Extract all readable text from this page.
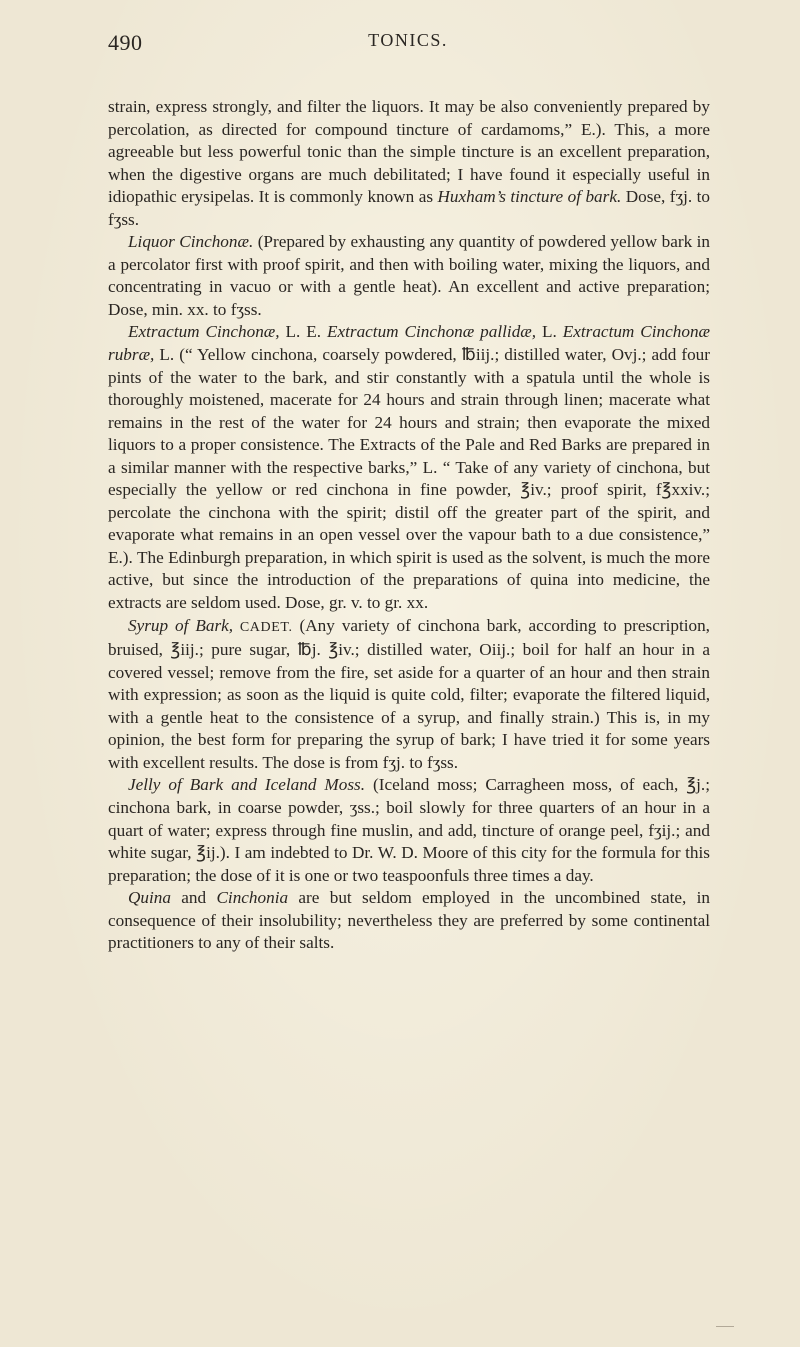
490	TONICS.

strain, express strongly, and filter the liquors. It may be also conveniently prepared by percolation, as directed for compound tincture of cardamoms,” E.). This, a more agreeable but less powerful tonic than the simple tincture is an excellent preparation, when the digestive organs are much debilitated; I have found it especially useful in idiopathic erysipelas. It is commonly known as Huxham’s tincture of bark. Dose, fʒj. to fʒss.

Liquor Cinchonæ. (Prepared by exhausting any quantity of powdered yellow bark in a percolator first with proof spirit, and then with boiling water, mixing the liquors, and concentrating in vacuo or with a gentle heat). An excellent and active preparation; Dose, min. xx. to fʒss.

Extractum Cinchonæ, L. E. Extractum Cinchonæ pallidæ, L. Extractum Cinchonæ rubræ, L. (“ Yellow cinchona, coarsely powdered, ℔iij.; distilled water, Ovj.; add four pints of the water to the bark, and stir constantly with a spatula until the whole is thoroughly moistened, macerate for 24 hours and strain through linen; macerate what remains in the rest of the water for 24 hours and strain; then evaporate the mixed liquors to a proper consistence. The Extracts of the Pale and Red Barks are prepared in a similar manner with the respective barks,” L. “ Take of any variety of cinchona, but especially the yellow or red cinchona in fine powder, ℥iv.; proof spirit, f℥xxiv.; percolate the cinchona with the spirit; distil off the greater part of the spirit, and evaporate what remains in an open vessel over the vapour bath to a due consistence,” E.). The Edinburgh preparation, in which spirit is used as the solvent, is much the more active, but since the introduction of the preparations of quina into medicine, the extracts are seldom used. Dose, gr. v. to gr. xx.

Syrup of Bark, CADET. (Any variety of cinchona bark, according to prescription, bruised, ℥iij.; pure sugar, ℔j. ℥iv.; distilled water, Oiij.; boil for half an hour in a covered vessel; remove from the fire, set aside for a quarter of an hour and then strain with expression; as soon as the liquid is quite cold, filter; evaporate the filtered liquid, with a gentle heat to the consistence of a syrup, and finally strain.) This is, in my opinion, the best form for preparing the syrup of bark; I have tried it for some years with excellent results. The dose is from fʒj. to fʒss.

Jelly of Bark and Iceland Moss. (Iceland moss; Carragheen moss, of each, ℥j.; cinchona bark, in coarse powder, ʒss.; boil slowly for three quarters of an hour in a quart of water; express through fine muslin, and add, tincture of orange peel, fʒij.; and white sugar, ℥ij.). I am indebted to Dr. W. D. Moore of this city for the formula for this preparation; the dose of it is one or two teaspoonfuls three times a day.

Quina and Cinchonia are but seldom employed in the uncombined state, in consequence of their insolubility; nevertheless they are preferred by some continental practitioners to any of their salts.
